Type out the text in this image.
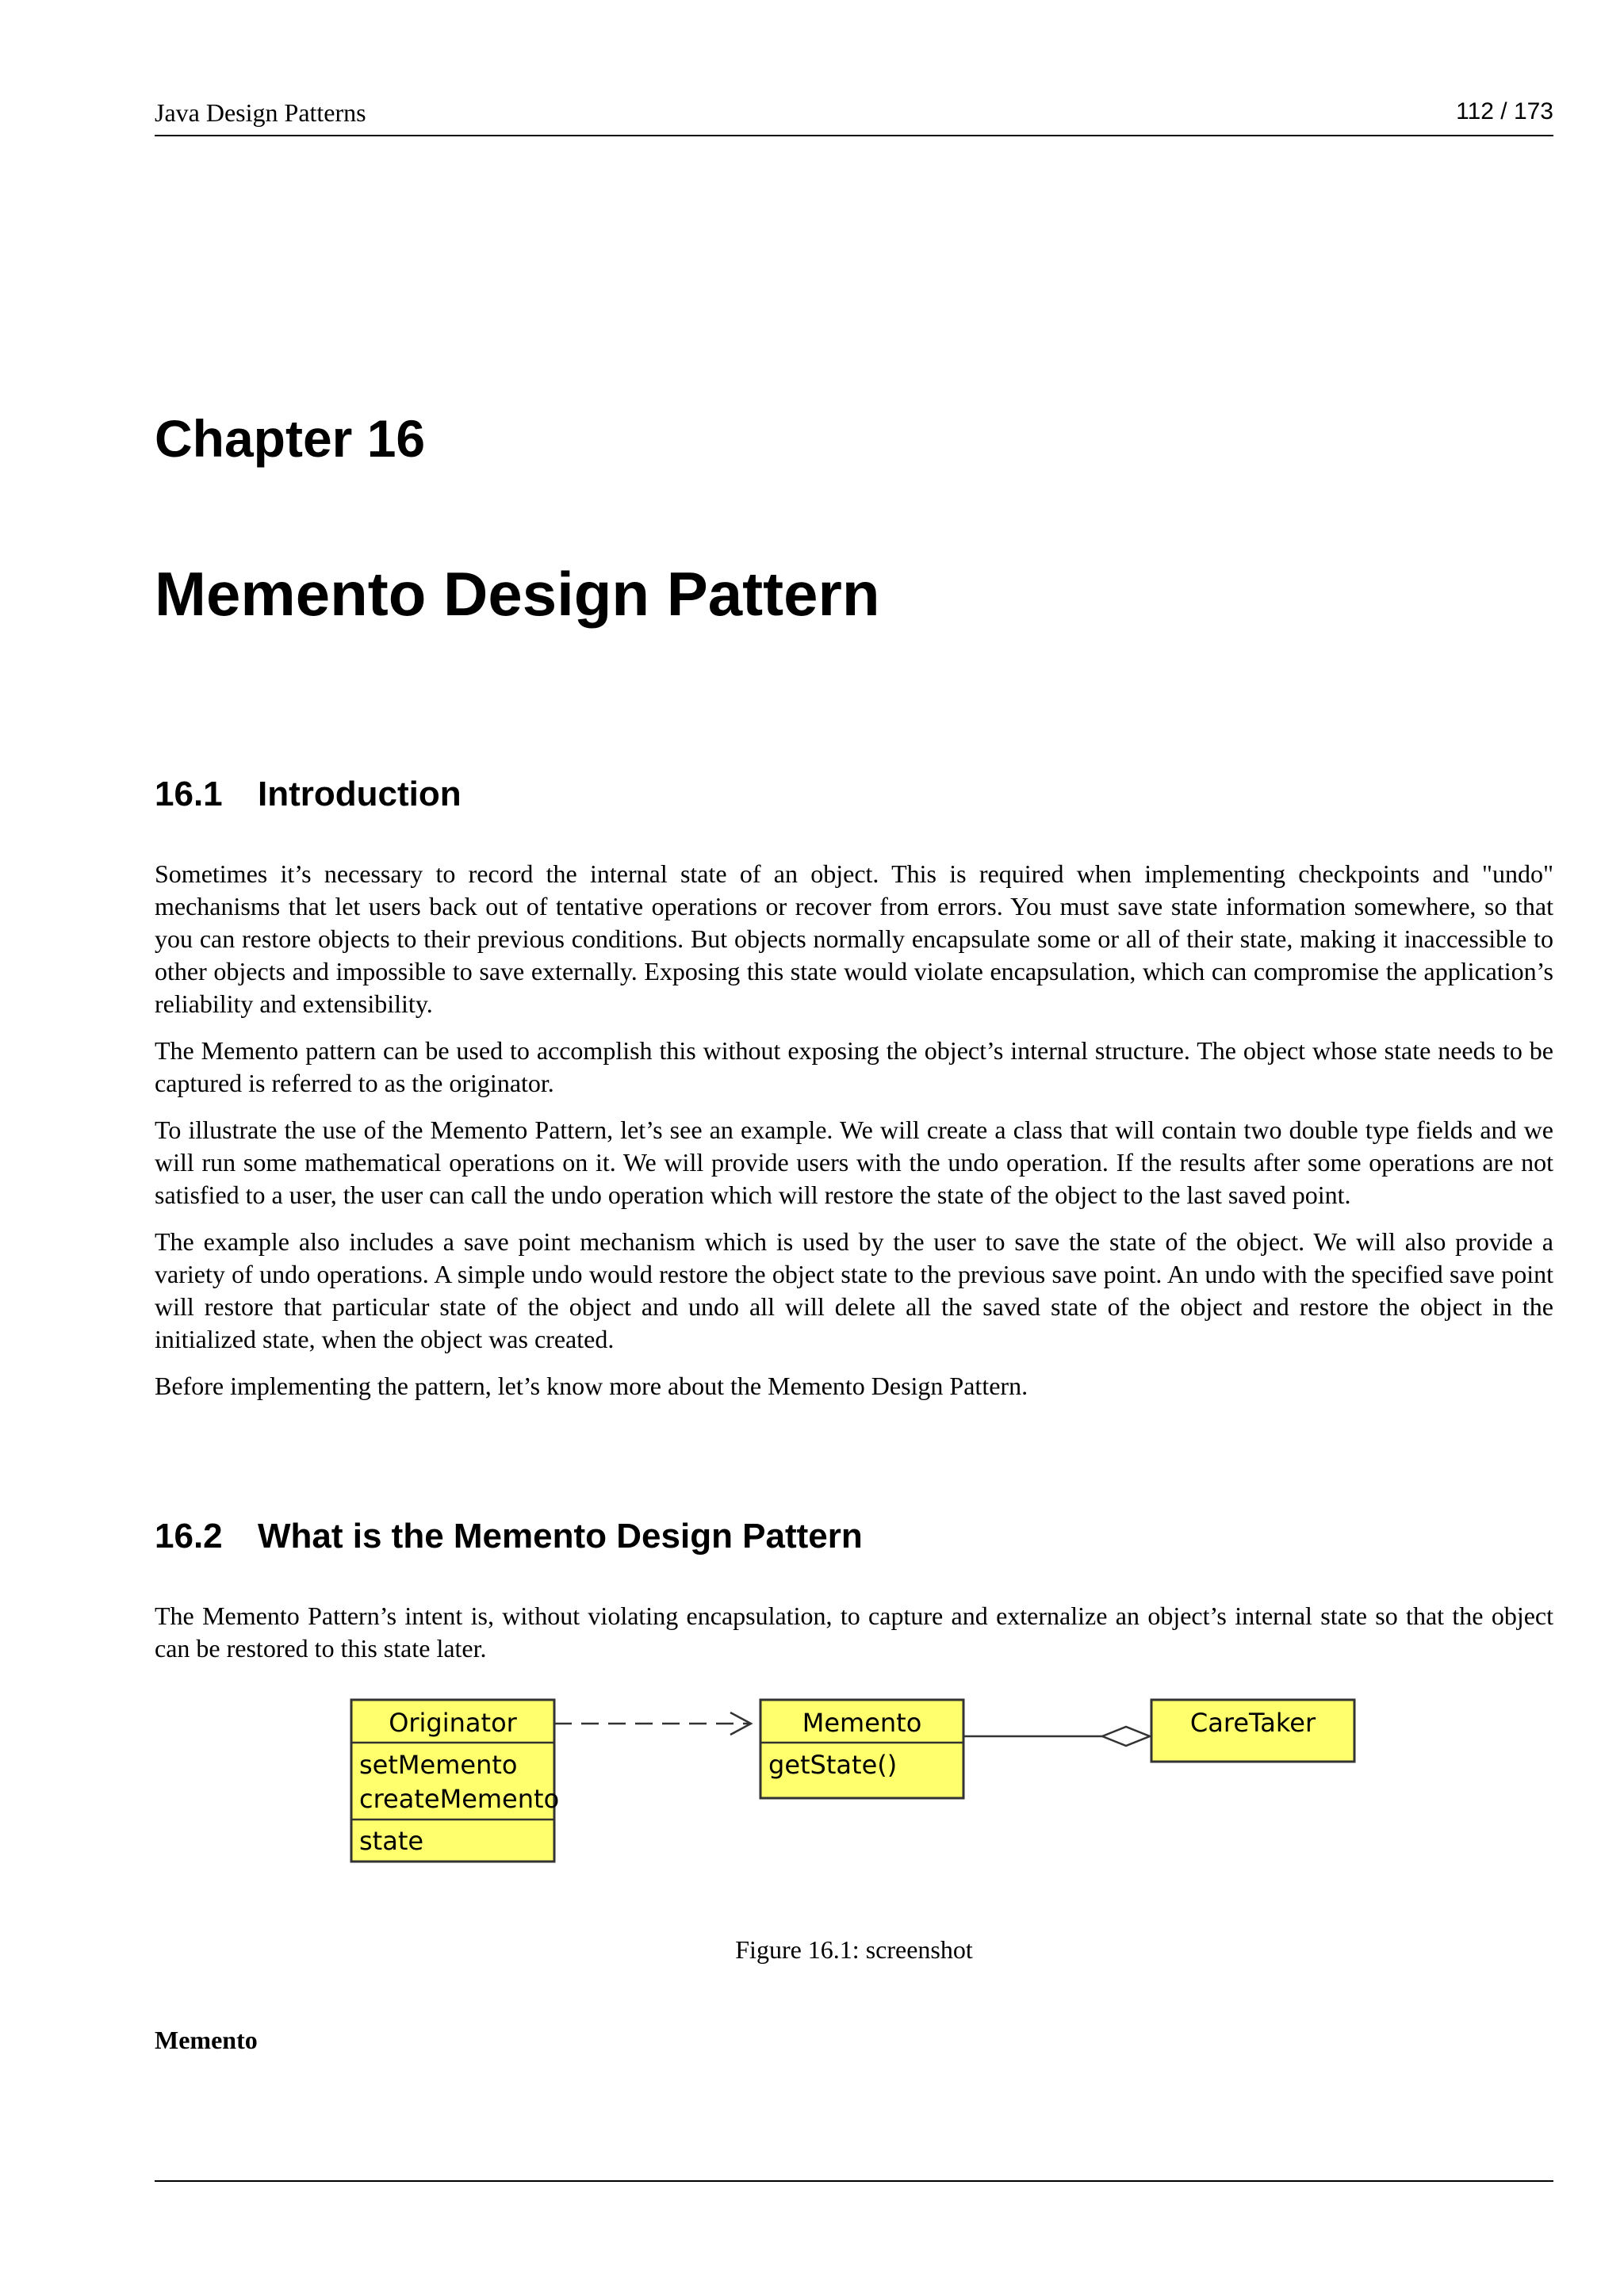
Java Design Patterns	112 / 173
Chapter 16
Memento Design Pattern
16.1 Introduction

Sometimes it’s necessary to record the internal state of an object. This is required when implementing checkpoints and "undo" mechanisms that let users back out of tentative operations or recover from errors. You must save state information somewhere, so that you can restore objects to their previous conditions. But objects normally encapsulate some or all of their state, making it inaccessible to other objects and impossible to save externally. Exposing this state would violate encapsulation, which can compromise the application’s reliability and extensibility.

The Memento pattern can be used to accomplish this without exposing the object’s internal structure. The object whose state needs to be captured is referred to as the originator.

To illustrate the use of the Memento Pattern, let’s see an example. We will create a class that will contain two double type fields and we will run some mathematical operations on it. We will provide users with the undo operation. If the results after some operations are not satisfied to a user, the user can call the undo operation which will restore the state of the object to the last saved point.

The example also includes a save point mechanism which is used by the user to save the state of the object. We will also provide a variety of undo operations. A simple undo would restore the object state to the previous save point. An undo with the specified save point will restore that particular state of the object and undo all will delete all the saved state of the object and restore the object in the initialized state, when the object was created.

Before implementing the pattern, let’s know more about the Memento Design Pattern.

16.2 What is the Memento Design Pattern

The Memento Pattern’s intent is, without violating encapsulation, to capture and externalize an object’s internal state so that the object can be restored to this state later.

Originator
setMemento
createMemento
state
Memento
getState()
CareTaker
Figure 16.1: screenshot
Memento
